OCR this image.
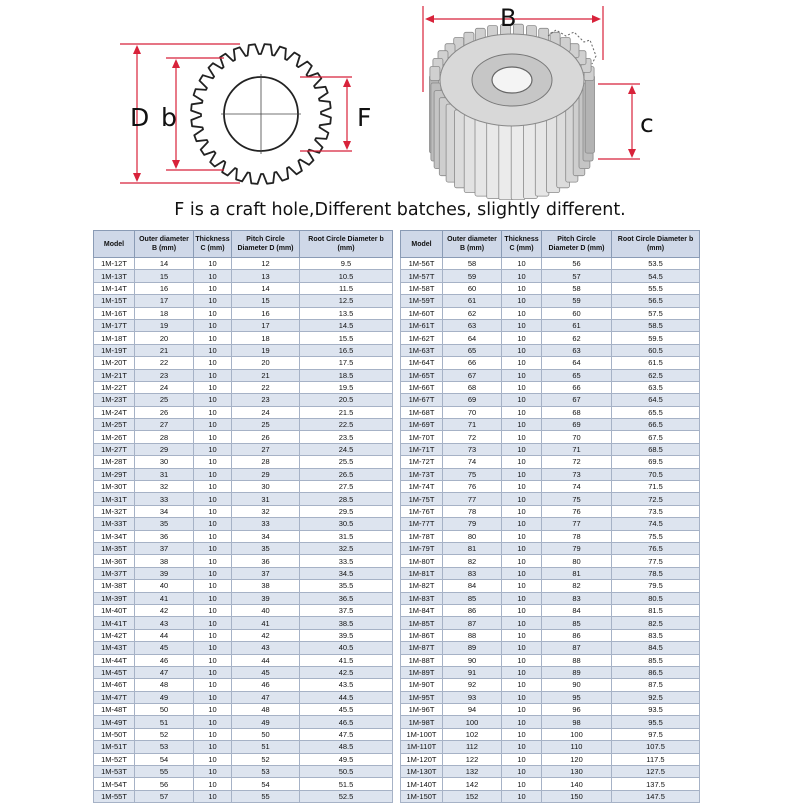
D b	F
B
c
F is a craft hole,Different batches, slightly different.
Model	Outer diameter B (mm)	Thickness C (mm)	Pitch Circle Diameter D (mm)	Root Circle Diameter b (mm)
1M-12T	14	10	12	9.5
1M-13T	15	10	13	10.5
1M-14T	16	10	14	11.5
1M-15T	17	10	15	12.5
1M-16T	18	10	16	13.5
1M-17T	19	10	17	14.5
1M-18T	20	10	18	15.5
1M-19T	21	10	19	16.5
1M-20T	22	10	20	17.5
1M-21T	23	10	21	18.5
1M-22T	24	10	22	19.5
1M-23T	25	10	23	20.5
1M-24T	26	10	24	21.5
1M-25T	27	10	25	22.5
1M-26T	28	10	26	23.5
1M-27T	29	10	27	24.5
1M-28T	30	10	28	25.5
1M-29T	31	10	29	26.5
1M-30T	32	10	30	27.5
1M-31T	33	10	31	28.5
1M-32T	34	10	32	29.5
1M-33T	35	10	33	30.5
1M-34T	36	10	34	31.5
1M-35T	37	10	35	32.5
1M-36T	38	10	36	33.5
1M-37T	39	10	37	34.5
1M-38T	40	10	38	35.5
1M-39T	41	10	39	36.5
1M-40T	42	10	40	37.5
1M-41T	43	10	41	38.5
1M-42T	44	10	42	39.5
1M-43T	45	10	43	40.5
1M-44T	46	10	44	41.5
1M-45T	47	10	45	42.5
1M-46T	48	10	46	43.5
1M-47T	49	10	47	44.5
1M-48T	50	10	48	45.5
1M-49T	51	10	49	46.5
1M-50T	52	10	50	47.5
1M-51T	53	10	51	48.5
1M-52T	54	10	52	49.5
1M-53T	55	10	53	50.5
1M-54T	56	10	54	51.5
1M-55T	57	10	55	52.5
Model	Outer diameter B (mm)	Thickness C (mm)	Pitch Circle Diameter D (mm)	Root Circle Diameter b (mm)
1M-56T	58	10	56	53.5
1M-57T	59	10	57	54.5
1M-58T	60	10	58	55.5
1M-59T	61	10	59	56.5
1M-60T	62	10	60	57.5
1M-61T	63	10	61	58.5
1M-62T	64	10	62	59.5
1M-63T	65	10	63	60.5
1M-64T	66	10	64	61.5
1M-65T	67	10	65	62.5
1M-66T	68	10	66	63.5
1M-67T	69	10	67	64.5
1M-68T	70	10	68	65.5
1M-69T	71	10	69	66.5
1M-70T	72	10	70	67.5
1M-71T	73	10	71	68.5
1M-72T	74	10	72	69.5
1M-73T	75	10	73	70.5
1M-74T	76	10	74	71.5
1M-75T	77	10	75	72.5
1M-76T	78	10	76	73.5
1M-77T	79	10	77	74.5
1M-78T	80	10	78	75.5
1M-79T	81	10	79	76.5
1M-80T	82	10	80	77.5
1M-81T	83	10	81	78.5
1M-82T	84	10	82	79.5
1M-83T	85	10	83	80.5
1M-84T	86	10	84	81.5
1M-85T	87	10	85	82.5
1M-86T	88	10	86	83.5
1M-87T	89	10	87	84.5
1M-88T	90	10	88	85.5
1M-89T	91	10	89	86.5
1M-90T	92	10	90	87.5
1M-95T	93	10	95	92.5
1M-96T	94	10	96	93.5
1M-98T	100	10	98	95.5
1M-100T	102	10	100	97.5
1M-110T	112	10	110	107.5
1M-120T	122	10	120	117.5
1M-130T	132	10	130	127.5
1M-140T	142	10	140	137.5
1M-150T	152	10	150	147.5
